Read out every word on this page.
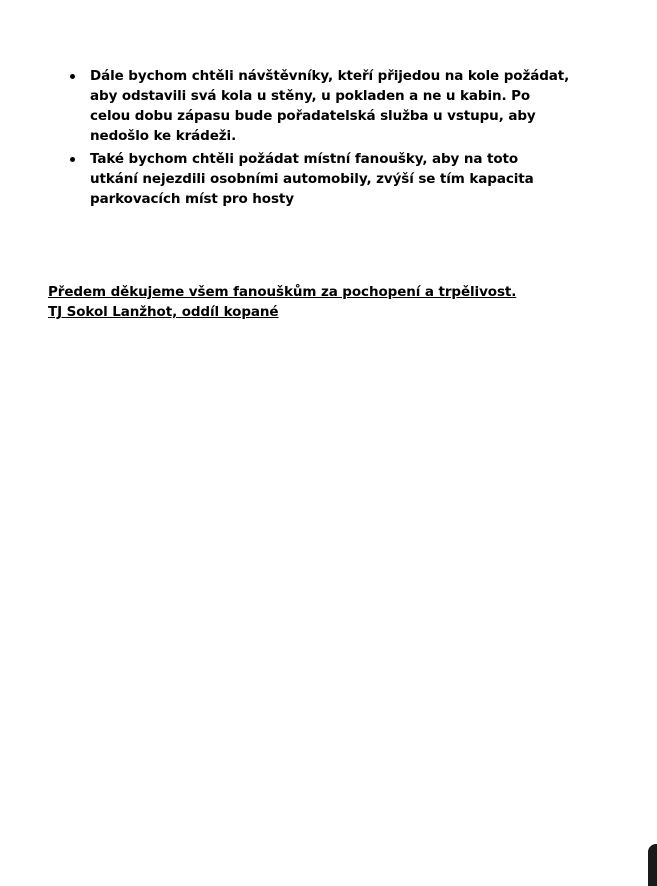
Dále bychom chtěli návštěvníky, kteří přijedou na kole požádat, aby odstavili svá kola u stěny, u pokladen a ne u kabin. Po celou dobu zápasu bude pořadatelská služba u vstupu, aby nedošlo ke krádeži.
Také bychom chtěli požádat místní fanoušky, aby na toto utkání nejezdili osobními automobily, zvýší se tím kapacita parkovacích míst pro hosty
Předem děkujeme všem fanouškům za pochopení a trpělivost.
TJ Sokol Lanžhot, oddíl kopané
